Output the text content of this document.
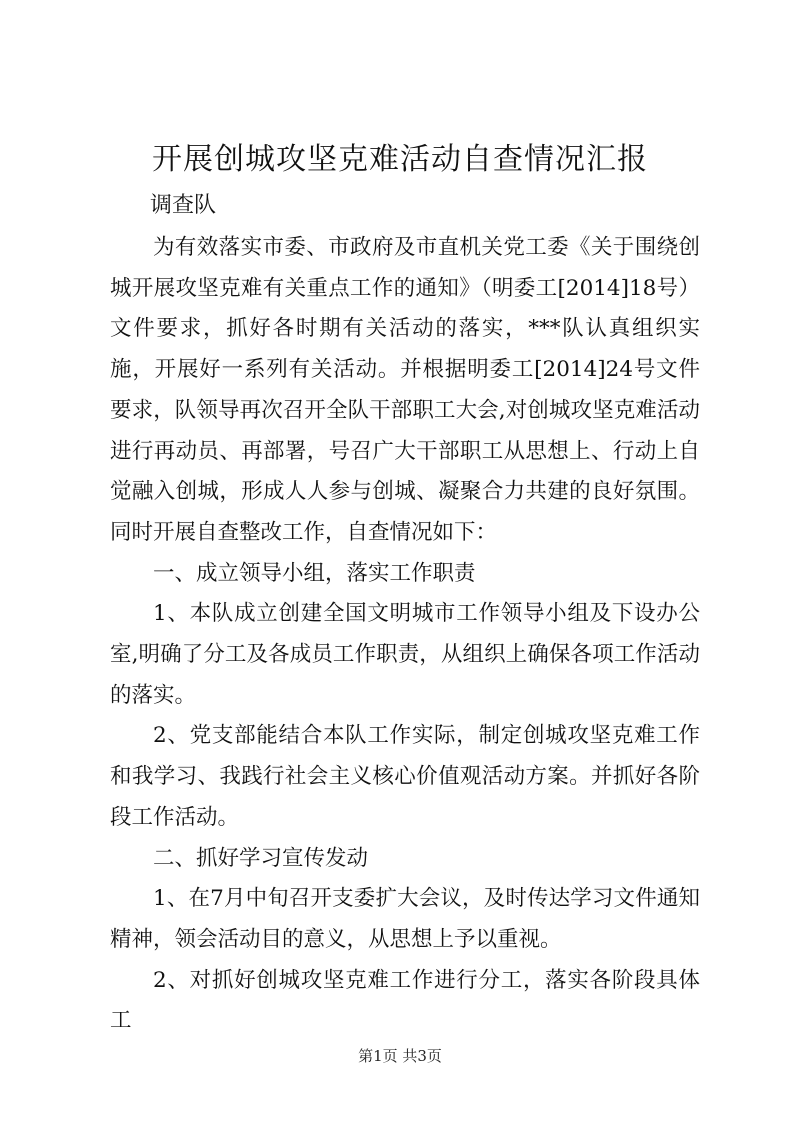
开展创城攻坚克难活动自查情况汇报
调查队

为有效落实市委、市政府及市直机关党工委《关于围绕创城开展攻坚克难有关重点工作的通知》（明委工[2014]18号）文件要求，抓好各时期有关活动的落实，***队认真组织实施，开展好一系列有关活动。并根据明委工[2014]24号文件要求，队领导再次召开全队干部职工大会,对创城攻坚克难活动进行再动员、再部署，号召广大干部职工从思想上、行动上自觉融入创城，形成人人参与创城、凝聚合力共建的良好氛围。同时开展自查整改工作，自查情况如下：

一、成立领导小组，落实工作职责

1、本队成立创建全国文明城市工作领导小组及下设办公室,明确了分工及各成员工作职责，从组织上确保各项工作活动的落实。

2、党支部能结合本队工作实际，制定创城攻坚克难工作和我学习、我践行社会主义核心价值观活动方案。并抓好各阶段工作活动。

二、抓好学习宣传发动

1、在7月中旬召开支委扩大会议，及时传达学习文件通知精神，领会活动目的意义，从思想上予以重视。

2、对抓好创城攻坚克难工作进行分工，落实各阶段具体工

第1页 共3页
